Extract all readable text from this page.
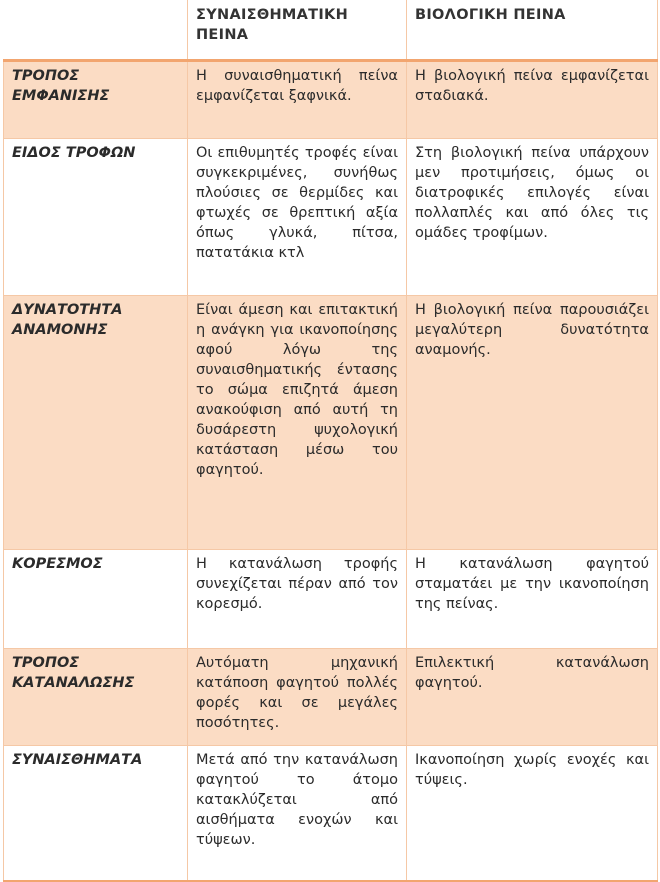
	ΣΥΝΑΙΣΘΗΜΑΤΙΚΗ ΠΕΙΝΑ	ΒΙΟΛΟΓΙΚΗ ΠΕΙΝΑ
ΤΡΟΠΟΣ ΕΜΦΑΝΙΣΗΣ	Η συναισθηματική πείνα εμφανίζεται ξαφνικά.	Η βιολογική πείνα εμφανίζεται σταδιακά.
ΕΙΔΟΣ ΤΡΟΦΩΝ	Οι επιθυμητές τροφές είναι συγκεκριμένες, συνήθως πλούσιες σε θερμίδες και φτωχές σε θρεπτική αξία όπως γλυκά, πίτσα, πατατάκια κτλ	Στη βιολογική πείνα υπάρχουν μεν προτιμήσεις, όμως οι διατροφικές επιλογές είναι πολλαπλές και από όλες τις ομάδες τροφίμων.
ΔΥΝΑΤΟΤΗΤΑ ΑΝΑΜΟΝΗΣ	Είναι άμεση και επιτακτική η ανάγκη για ικανοποίησης αφού λόγω της συναισθηματικής έντασης το σώμα επιζητά άμεση ανακούφιση από αυτή τη δυσάρεστη ψυχολογική κατάσταση μέσω του φαγητού.	Η βιολογική πείνα παρουσιάζει μεγαλύτερη δυνατότητα αναμονής.
ΚΟΡΕΣΜΟΣ	Η κατανάλωση τροφής συνεχίζεται πέραν από τον κορεσμό.	Η κατανάλωση φαγητού σταματάει με την ικανοποίηση της πείνας.
ΤΡΟΠΟΣ ΚΑΤΑΝΑΛΩΣΗΣ	Αυτόματη μηχανική κατάποση φαγητού πολλές φορές και σε μεγάλες ποσότητες.	Επιλεκτική κατανάλωση φαγητού.
ΣΥΝΑΙΣΘΗΜΑΤΑ	Μετά από την κατανάλωση φαγητού το άτομο κατακλύζεται από αισθήματα ενοχών και τύψεων.	Ικανοποίηση χωρίς ενοχές και τύψεις.
